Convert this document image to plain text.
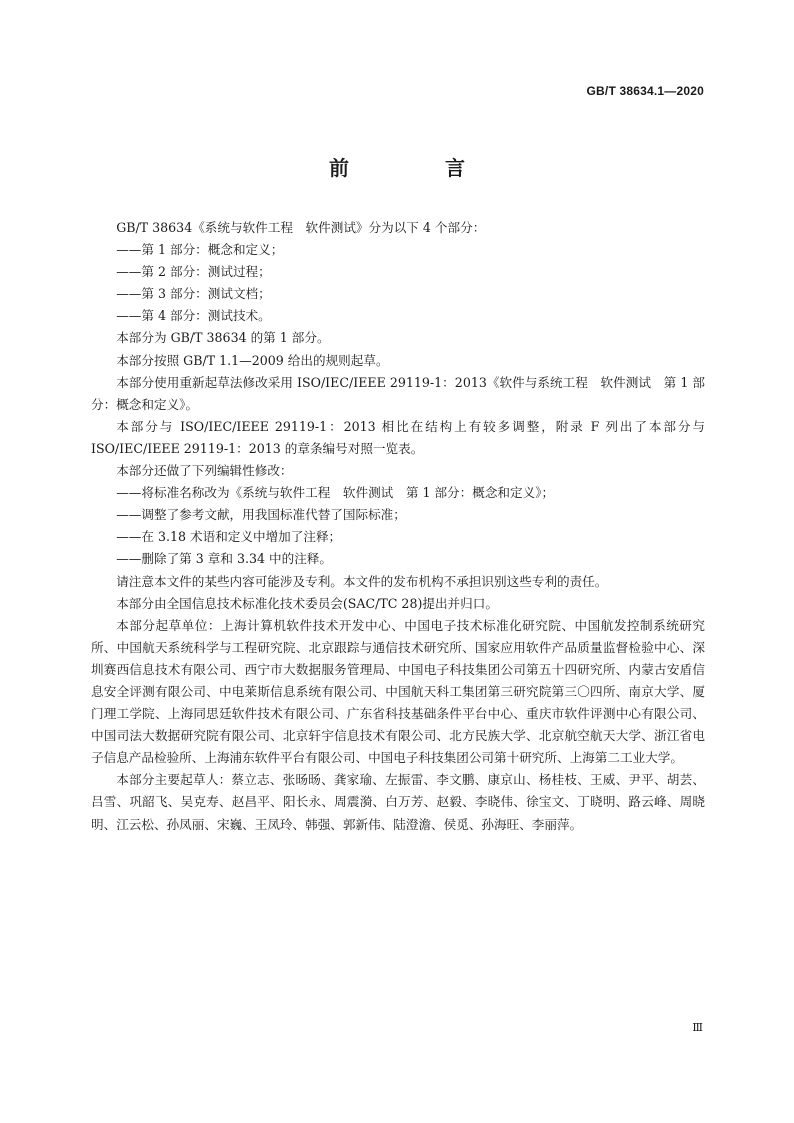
GB/T 38634.1—2020
前　言

GB/T 38634《系统与软件工程　软件测试》分为以下 4 个部分：

——第 1 部分：概念和定义；

——第 2 部分：测试过程；

——第 3 部分：测试文档；

——第 4 部分：测试技术。

本部分为 GB/T 38634 的第 1 部分。

本部分按照 GB/T 1.1—2009 给出的规则起草。

本部分使用重新起草法修改采用 ISO/IEC/IEEE 29119-1：2013《软件与系统工程　软件测试　第 1 部分：概念和定义》。

本部分与 ISO/IEC/IEEE 29119-1：2013 相比在结构上有较多调整，附录 F 列出了本部分与 ISO/IEC/IEEE 29119-1：2013 的章条编号对照一览表。

本部分还做了下列编辑性修改：

——将标准名称改为《系统与软件工程　软件测试　第 1 部分：概念和定义》；

——调整了参考文献，用我国标准代替了国际标准；

——在 3.18 术语和定义中增加了注释；

——删除了第 3 章和 3.34 中的注释。

请注意本文件的某些内容可能涉及专利。本文件的发布机构不承担识别这些专利的责任。

本部分由全国信息技术标准化技术委员会(SAC/TC 28)提出并归口。

本部分起草单位：上海计算机软件技术开发中心、中国电子技术标准化研究院、中国航发控制系统研究所、中国航天系统科学与工程研究院、北京跟踪与通信技术研究所、国家应用软件产品质量监督检验中心、深圳赛西信息技术有限公司、西宁市大数据服务管理局、中国电子科技集团公司第五十四研究所、内蒙古安盾信息安全评测有限公司、中电莱斯信息系统有限公司、中国航天科工集团第三研究院第三〇四所、南京大学、厦门理工学院、上海同思廷软件技术有限公司、广东省科技基础条件平台中心、重庆市软件评测中心有限公司、中国司法大数据研究院有限公司、北京轩宇信息技术有限公司、北方民族大学、北京航空航天大学、浙江省电子信息产品检验所、上海浦东软件平台有限公司、中国电子科技集团公司第十研究所、上海第二工业大学。

本部分主要起草人：蔡立志、张旸旸、龚家瑜、左振雷、李文鹏、康京山、杨桂枝、王威、尹平、胡芸、吕雪、巩韶飞、吴克寿、赵昌平、阳长永、周震漪、白万芳、赵毅、李晓伟、徐宝文、丁晓明、路云峰、周晓明、江云松、孙凤丽、宋巍、王凤玲、韩强、郭新伟、陆澄澹、侯觅、孙海旺、李丽萍。

Ⅲ
